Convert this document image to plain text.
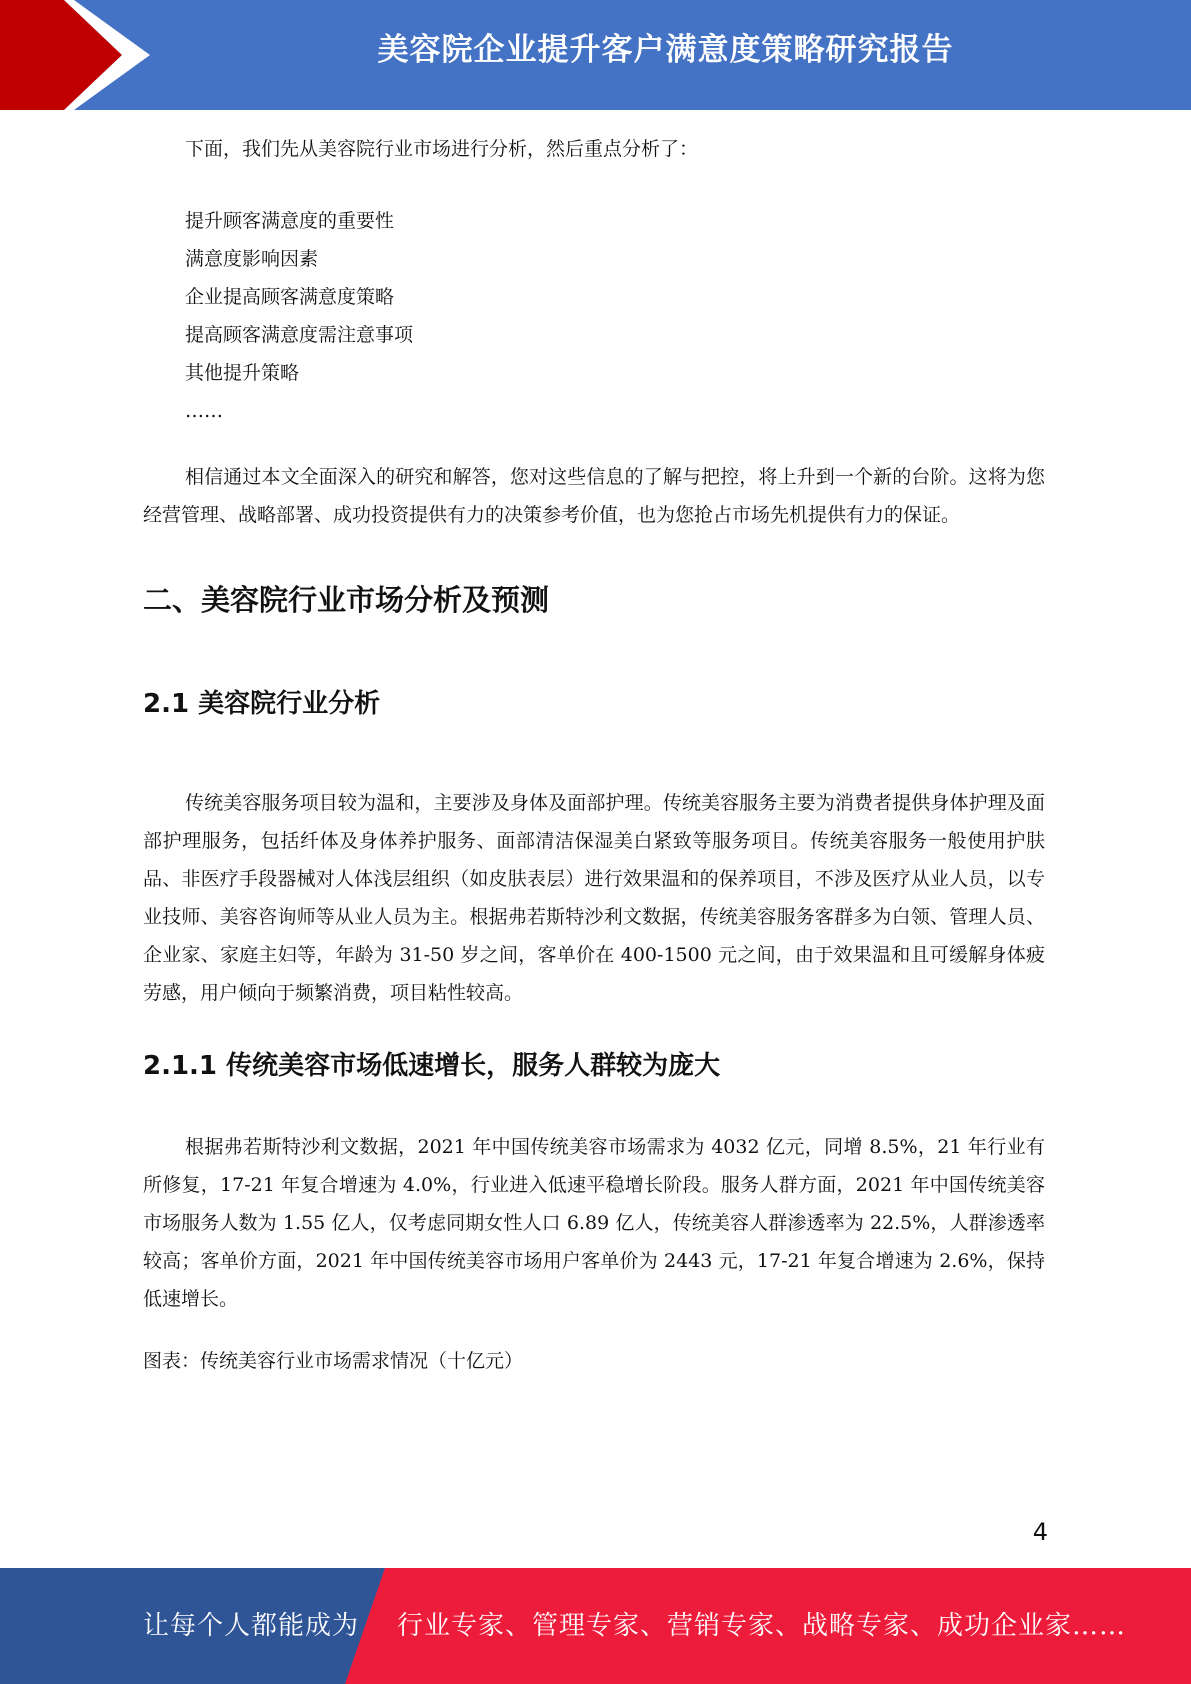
美容院企业提升客户满意度策略研究报告

下面，我们先从美容院行业市场进行分析，然后重点分析了：

提升顾客满意度的重要性
满意度影响因素
企业提高顾客满意度策略
提高顾客满意度需注意事项
其他提升策略
……

相信通过本文全面深入的研究和解答，您对这些信息的了解与把控，将上升到一个新的台阶。这将为您经营管理、战略部署、成功投资提供有力的决策参考价值，也为您抢占市场先机提供有力的保证。

二、美容院行业市场分析及预测
2.1 美容院行业分析

传统美容服务项目较为温和，主要涉及身体及面部护理。传统美容服务主要为消费者提供身体护理及面部护理服务，包括纤体及身体养护服务、面部清洁保湿美白紧致等服务项目。传统美容服务一般使用护肤品、非医疗手段器械对人体浅层组织（如皮肤表层）进行效果温和的保养项目，不涉及医疗从业人员，以专业技师、美容咨询师等从业人员为主。根据弗若斯特沙利文数据，传统美容服务客群多为白领、管理人员、企业家、家庭主妇等，年龄为 31-50 岁之间，客单价在 400-1500 元之间，由于效果温和且可缓解身体疲劳感，用户倾向于频繁消费，项目粘性较高。

2.1.1 传统美容市场低速增长，服务人群较为庞大

根据弗若斯特沙利文数据，2021 年中国传统美容市场需求为 4032 亿元，同增 8.5%，21 年行业有所修复，17-21 年复合增速为 4.0%，行业进入低速平稳增长阶段。服务人群方面，2021 年中国传统美容市场服务人数为 1.55 亿人，仅考虑同期女性人口 6.89 亿人，传统美容人群渗透率为 22.5%，人群渗透率较高；客单价方面，2021 年中国传统美容市场用户客单价为 2443 元，17-21 年复合增速为 2.6%，保持低速增长。

图表：传统美容行业市场需求情况（十亿元）

4
让每个人都能成为 行业专家、管理专家、营销专家、战略专家、成功企业家……
